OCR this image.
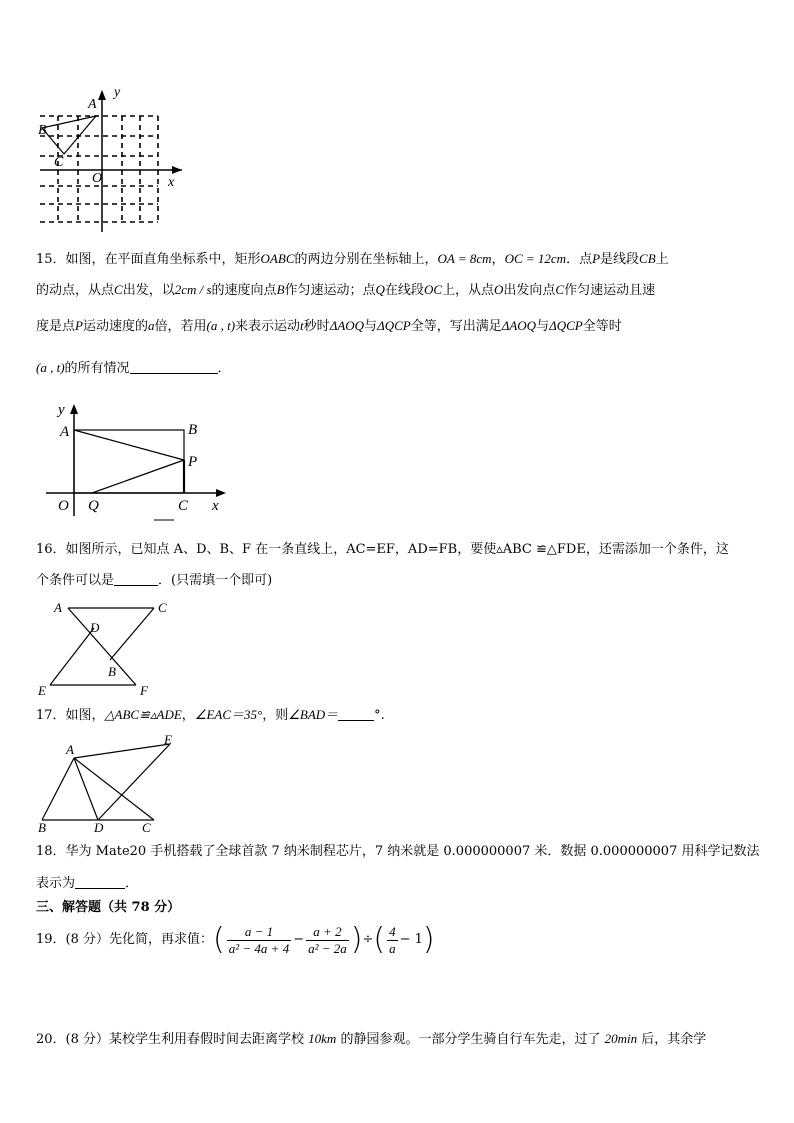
A
y
B
C
O	x
15．如图，在平面直角坐标系中，矩形OABC的两边分别在坐标轴上，OA = 8cm，OC = 12cm．点P是线段CB上
的动点，从点C出发，以2cm / s的速度向点B作匀速运动；点Q在线段OC上，从点O出发向点C作匀速运动且速
度是点P运动速度的a倍，若用(a , t)来表示运动t秒时ΔAOQ与ΔQCP全等，写出满足ΔAOQ与ΔQCP全等时
(a , t)的所有情况	．
y
A	B
P
O Q	C x
16．如图所示，已知点 A、D、B、F 在一条直线上，AC=EF，AD=FB，要使▵ABC ≌△FDE，还需添加一个条件，这
个条件可以是	．(只需填一个即可)
A	C
D
B
E	F
17．如图，△ABC≌▵ADE，∠EAC＝35°，则∠BAD＝	°.
A
E
B	D	C
18．华为 Mate20 手机搭载了全球首款 7 纳米制程芯片，7 纳米就是 0.000000007 米．数据 0.000000007 用科学记数法
表示为	．
三、解答题（共 78 分）
19．(8 分）先化简，再求值：( $\frac{a - 1}{\text{a² − 4a + 4}} - \frac{a + 2}{\text{a² − 2a}}$ )÷( $\frac{4}{a} - 1$)
20．(8 分）某校学生利用春假时间去距离学校 10km 的静园参观。一部分学生骑自行车先走，过了 20min 后，其余学
